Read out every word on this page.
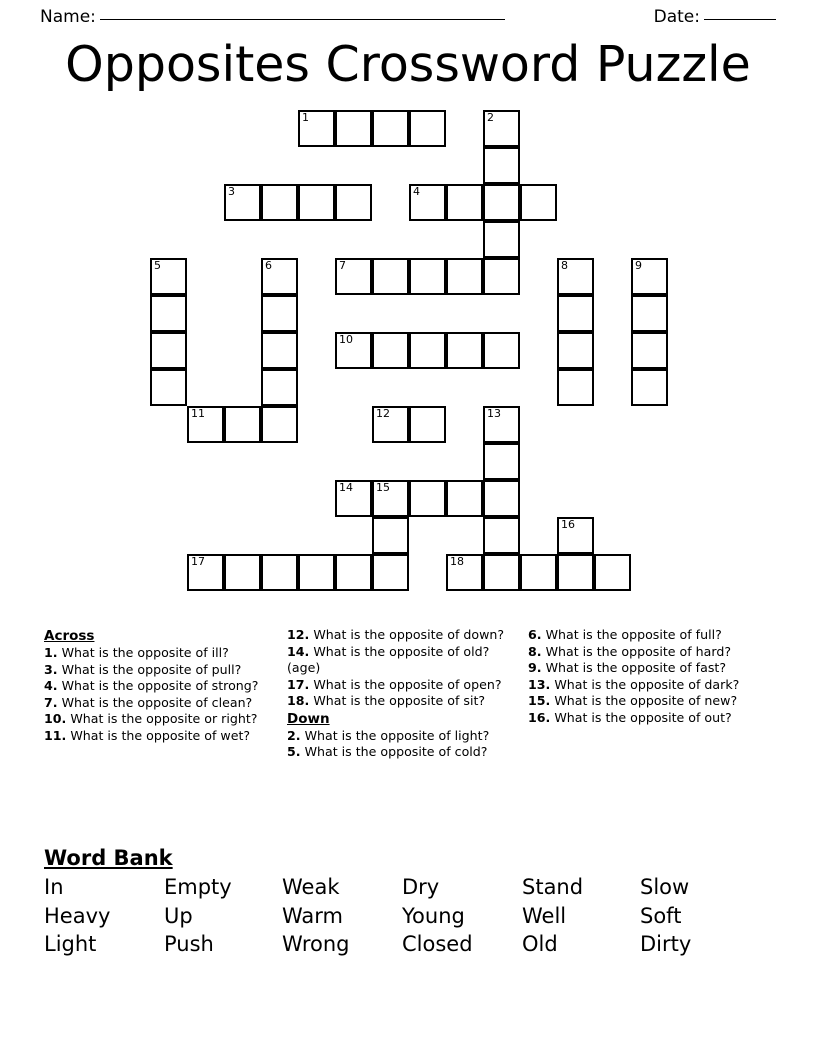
Name:	Date:
Opposites Crossword Puzzle
1	2
3	4
5	6	7	8	9
10
11	12	13
14 15
16
17	18
Across
1. What is the opposite of ill?
3. What is the opposite of pull?
4. What is the opposite of strong?
7. What is the opposite of clean?
10. What is the opposite or right?
11. What is the opposite of wet?
12. What is the opposite of down?
14. What is the opposite of old? (age)
17. What is the opposite of open?
18. What is the opposite of sit?
Down
2. What is the opposite of light?
5. What is the opposite of cold?
6. What is the opposite of full?
8. What is the opposite of hard?
9. What is the opposite of fast?
13. What is the opposite of dark?
15. What is the opposite of new?
16. What is the opposite of out?
Word Bank
In	Empty	Weak	Dry	Stand	Slow
Heavy	Up	Warm	Young	Well	Soft
Light	Push	Wrong	Closed	Old	Dirty
